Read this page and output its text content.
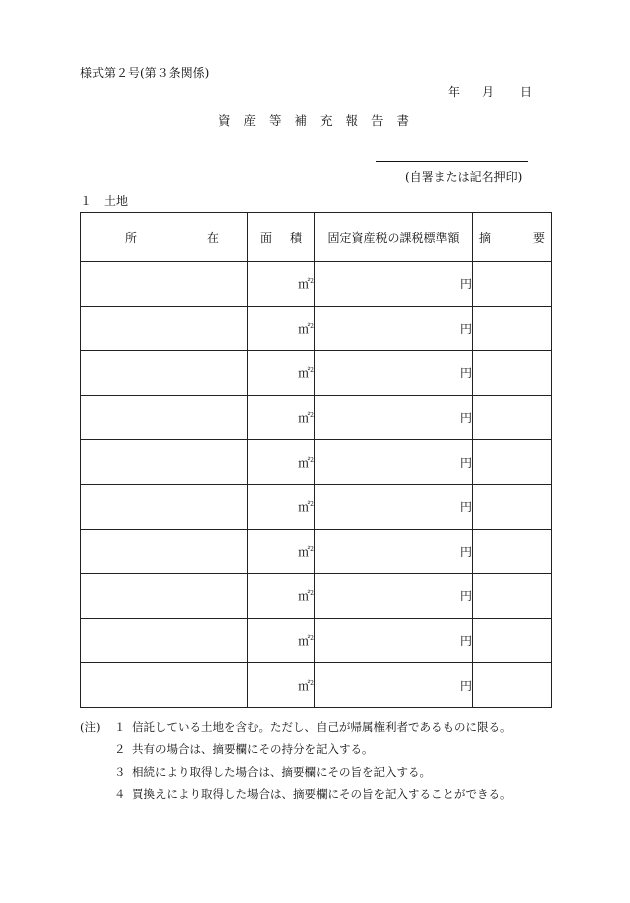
様式第２号(第３条関係)
年	月	日
資産等補充報告書
(自署または記名押印)
１　土地
所 在	面 積	固定資産税の課税標準額	摘 要

	㎡$^2$	円	
	㎡$^2$	円	
	㎡$^2$	円	
	㎡$^2$	円	
	㎡$^2$	円	
	㎡$^2$	円	
	㎡$^2$	円	
	㎡$^2$	円	
	㎡$^2$	円	
	㎡$^2$	円	
(注)	１ 信託している土地を含む。ただし、自己が帰属権利者であるものに限る。
２ 共有の場合は、摘要欄にその持分を記入する。
３ 相続により取得した場合は、摘要欄にその旨を記入する。
４ 買換えにより取得した場合は、摘要欄にその旨を記入することができる。
